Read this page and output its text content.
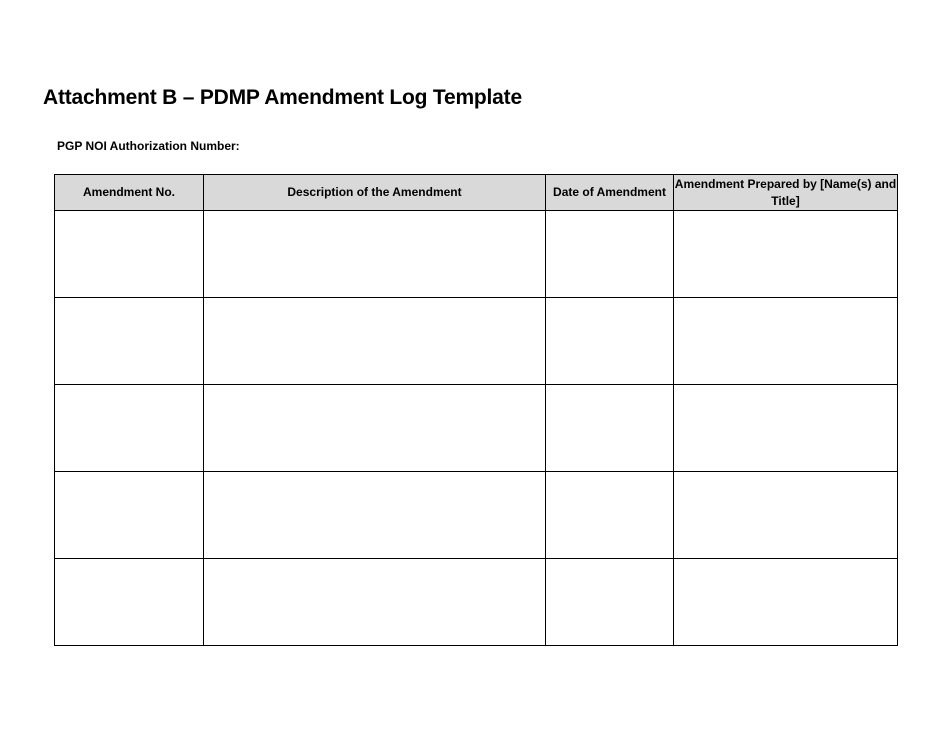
Attachment B – PDMP Amendment Log Template
PGP NOI Authorization Number:
Amendment No.	Description of the Amendment	Date of Amendment	Amendment Prepared by [Name(s) and Title]
